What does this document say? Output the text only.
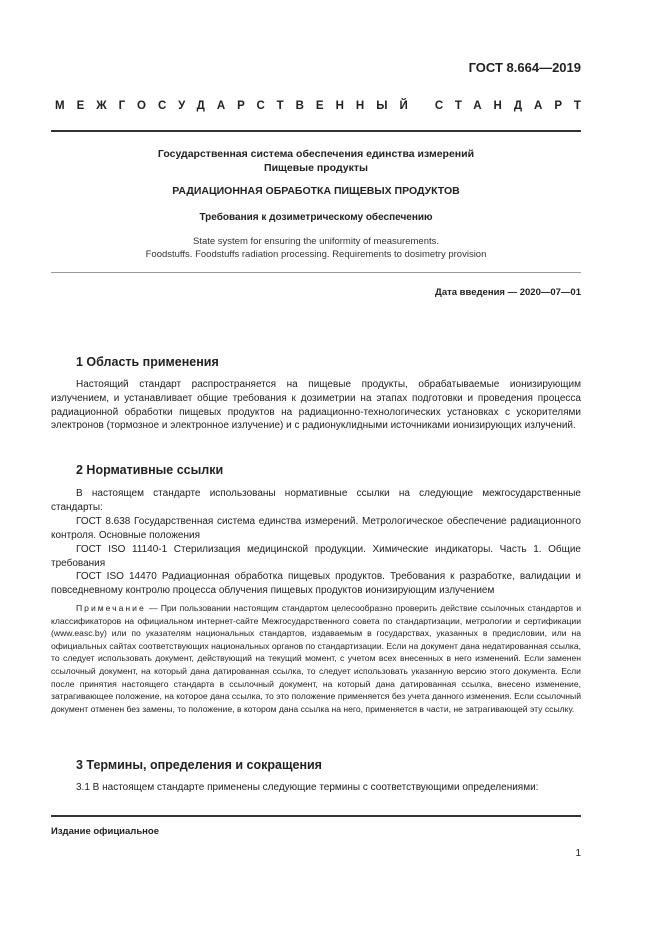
ГОСТ 8.664—2019
МЕЖГОСУДАРСТВЕННЫЙ СТАНДАРТ
Государственная система обеспечения единства измерений
Пищевые продукты
РАДИАЦИОННАЯ ОБРАБОТКА ПИЩЕВЫХ ПРОДУКТОВ
Требования к дозиметрическому обеспечению
State system for ensuring the uniformity of measurements.
Foodstuffs. Foodstuffs radiation processing. Requirements to dosimetry provision
Дата введения — 2020—07—01
1 Область применения

Настоящий стандарт распространяется на пищевые продукты, обрабатываемые ионизирующим излучением, и устанавливает общие требования к дозиметрии на этапах подготовки и проведения процесса радиационной обработки пищевых продуктов на радиационно-технологических установках с ускорителями электронов (тормозное и электронное излучение) и с радионуклидными источниками ионизирующих излучений.

2 Нормативные ссылки

В настоящем стандарте использованы нормативные ссылки на следующие межгосударственные стандарты:

ГОСТ 8.638 Государственная система единства измерений. Метрологическое обеспечение радиационного контроля. Основные положения

ГОСТ ISO 11140-1 Стерилизация медицинской продукции. Химические индикаторы. Часть 1. Общие требования

ГОСТ ISO 14470 Радиационная обработка пищевых продуктов. Требования к разработке, валидации и повседневному контролю процесса облучения пищевых продуктов ионизирующим излучением

Примечание — При пользовании настоящим стандартом целесообразно проверить действие ссылочных стандартов и классификаторов на официальном интернет-сайте Межгосударственного совета по стандартизации, метрологии и сертификации (www.easc.by) или по указателям национальных стандартов, издаваемым в государствах, указанных в предисловии, или на официальных сайтах соответствующих национальных органов по стандартизации. Если на документ дана недатированная ссылка, то следует использовать документ, действующий на текущий момент, с учетом всех внесенных в него изменений. Если заменен ссылочный документ, на который дана датированная ссылка, то следует использовать указанную версию этого документа. Если после принятия настоящего стандарта в ссылочный документ, на который дана датированная ссылка, внесено изменение, затрагивающее положение, на которое дана ссылка, то это положение применяется без учета данного изменения. Если ссылочный документ отменен без замены, то положение, в котором дана ссылка на него, применяется в части, не затрагивающей эту ссылку.

3 Термины, определения и сокращения

3.1 В настоящем стандарте применены следующие термины с соответствующими определениями:

Издание официальное
1
